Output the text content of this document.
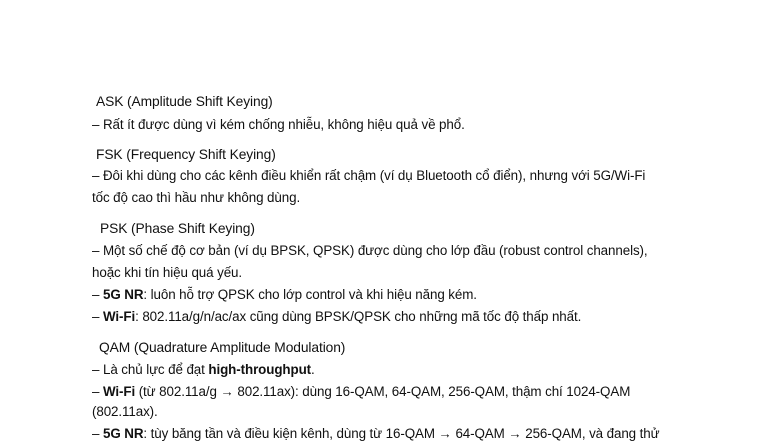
ASK (Amplitude Shift Keying)
– Rất ít được dùng vì kém chống nhiễu, không hiệu quả về phổ.
FSK (Frequency Shift Keying)
– Đôi khi dùng cho các kênh điều khiển rất chậm (ví dụ Bluetooth cổ điển), nhưng với 5G/Wi-Fi
tốc độ cao thì hầu như không dùng.
PSK (Phase Shift Keying)
– Một số chế độ cơ bản (ví dụ BPSK, QPSK) được dùng cho lớp đầu (robust control channels),
hoặc khi tín hiệu quá yếu.
– 5G NR: luôn hỗ trợ QPSK cho lớp control và khi hiệu năng kém.
– Wi-Fi: 802.11a/g/n/ac/ax cũng dùng BPSK/QPSK cho những mã tốc độ thấp nhất.
QAM (Quadrature Amplitude Modulation)
– Là chủ lực để đạt high-throughput.
– Wi-Fi (từ 802.11a/g → 802.11ax): dùng 16-QAM, 64-QAM, 256-QAM, thậm chí 1024-QAM
(802.11ax).
– 5G NR: tùy băng tần và điều kiện kênh, dùng từ 16-QAM → 64-QAM → 256-QAM, và đang thử
